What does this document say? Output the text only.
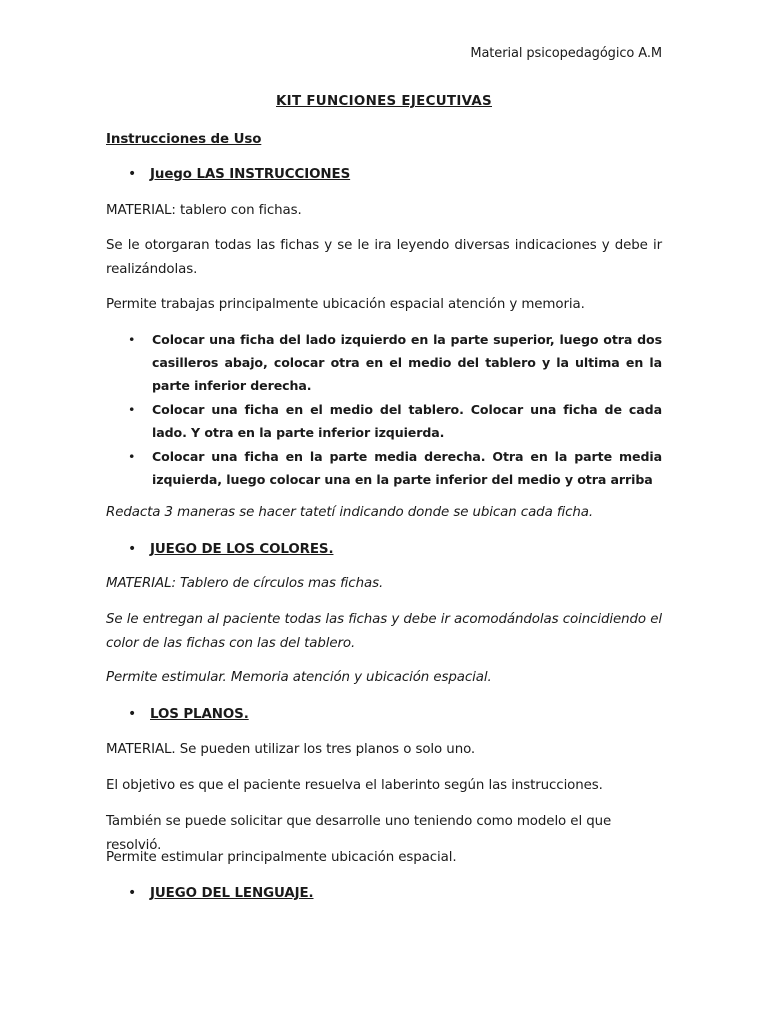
Material psicopedagógico A.M
KIT FUNCIONES EJECUTIVAS
Instrucciones de Uso
• Juego LAS INSTRUCCIONES
MATERIAL: tablero con fichas.
Se le otorgaran todas las fichas y se le ira leyendo diversas indicaciones y debe ir realizándolas.
Permite trabajas principalmente ubicación espacial atención y memoria.
• Colocar una ficha del lado izquierdo en la parte superior, luego otra dos casilleros abajo, colocar otra en el medio del tablero y la ultima en la parte inferior derecha.
• Colocar una ficha en el medio del tablero. Colocar una ficha de cada lado. Y otra en la parte inferior izquierda.
• Colocar una ficha en la parte media derecha. Otra en la parte media izquierda, luego colocar una en la parte inferior del medio y otra arriba
Redacta 3 maneras se hacer tatetí indicando donde se ubican cada ficha.
• JUEGO DE LOS COLORES.
MATERIAL: Tablero de círculos mas fichas.
Se le entregan al paciente todas las fichas y debe ir acomodándolas coincidiendo el color de las fichas con las del tablero.
Permite estimular. Memoria atención y ubicación espacial.
• LOS PLANOS.
MATERIAL. Se pueden utilizar los tres planos o solo uno.
El objetivo es que el paciente resuelva el laberinto según las instrucciones.
También se puede solicitar que desarrolle uno teniendo como modelo el que resolvió.
Permite estimular principalmente ubicación espacial.
• JUEGO DEL LENGUAJE.
